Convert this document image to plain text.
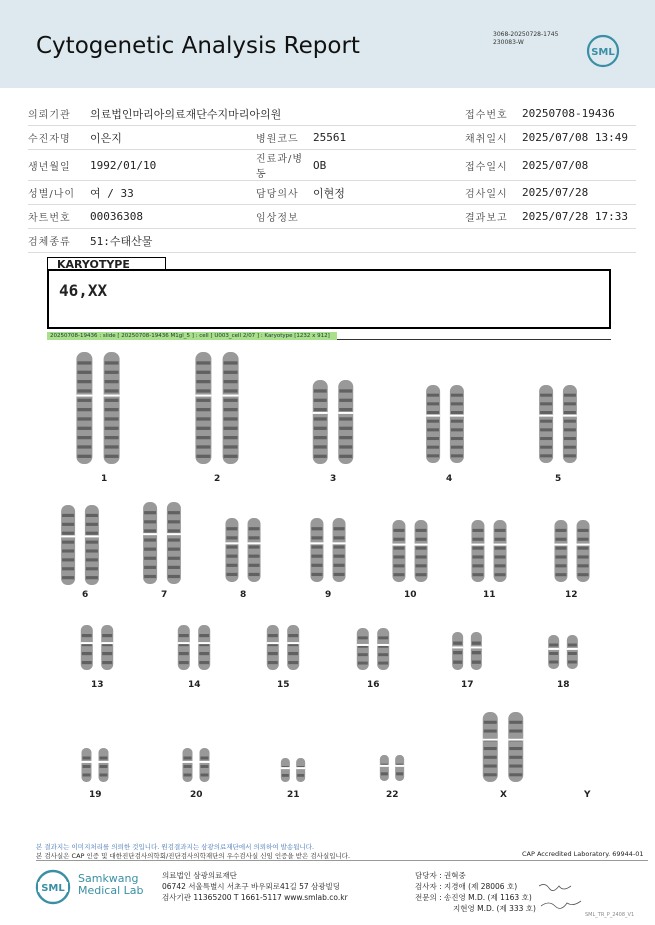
Cytogenetic Analysis Report	3068-20250728-1745
230083-W
SML
의뢰기관	의료법인마리아의료재단수지마리아의원			접수번호	20250708-19436
수진자명	이은지	병원코드	25561	채취일시	2025/07/08 13:49
생년월일	1992/01/10	진료과/병동	OB	접수일시	2025/07/08
성별/나이	여 / 33	담당의사	이현정	검사일시	2025/07/28
차트번호	00036308	임상정보		결과보고	2025/07/28 17:33
검체종류	51:수태산물				
KARYOTYPE
46,XX
20250708-19436 : slide [ 20250708-19436 M1gl_5 ] : cell [ U003_cell 2/07 ] : Karyotype [1232 x 912]
1	2	3	4	5
6	7	8	9	10	11	12
13	14	15	16	17	18
19	20	21	22	X	Y
본 결과지는 이미지처리를 의뢰한 것입니다. 원검결과지는 삼광의료재단에서 의뢰하여 발송됩니다.
본 검사실은 CAP 인증 및 대한진단검사의학회/진단검사의학재단의 우수검사실 신임 인증을 받은 검사실입니다.	CAP Accredited Laboratory. 69944-01
SML
Samkwang
Medical Lab
의료법인 삼광의료재단
06742 서울특별시 서초구 바우뫼로41길 57 삼광빌딩
검사기관 11365200 T 1661-5117 www.smlab.co.kr
담당자 : 권혁중
검사자 : 지경애 (제 28006 호)
전문의 : 송진영 M.D. (제 1163 호)
지현영 M.D. (제 333 호)
SML_TR_P_2408_V1
